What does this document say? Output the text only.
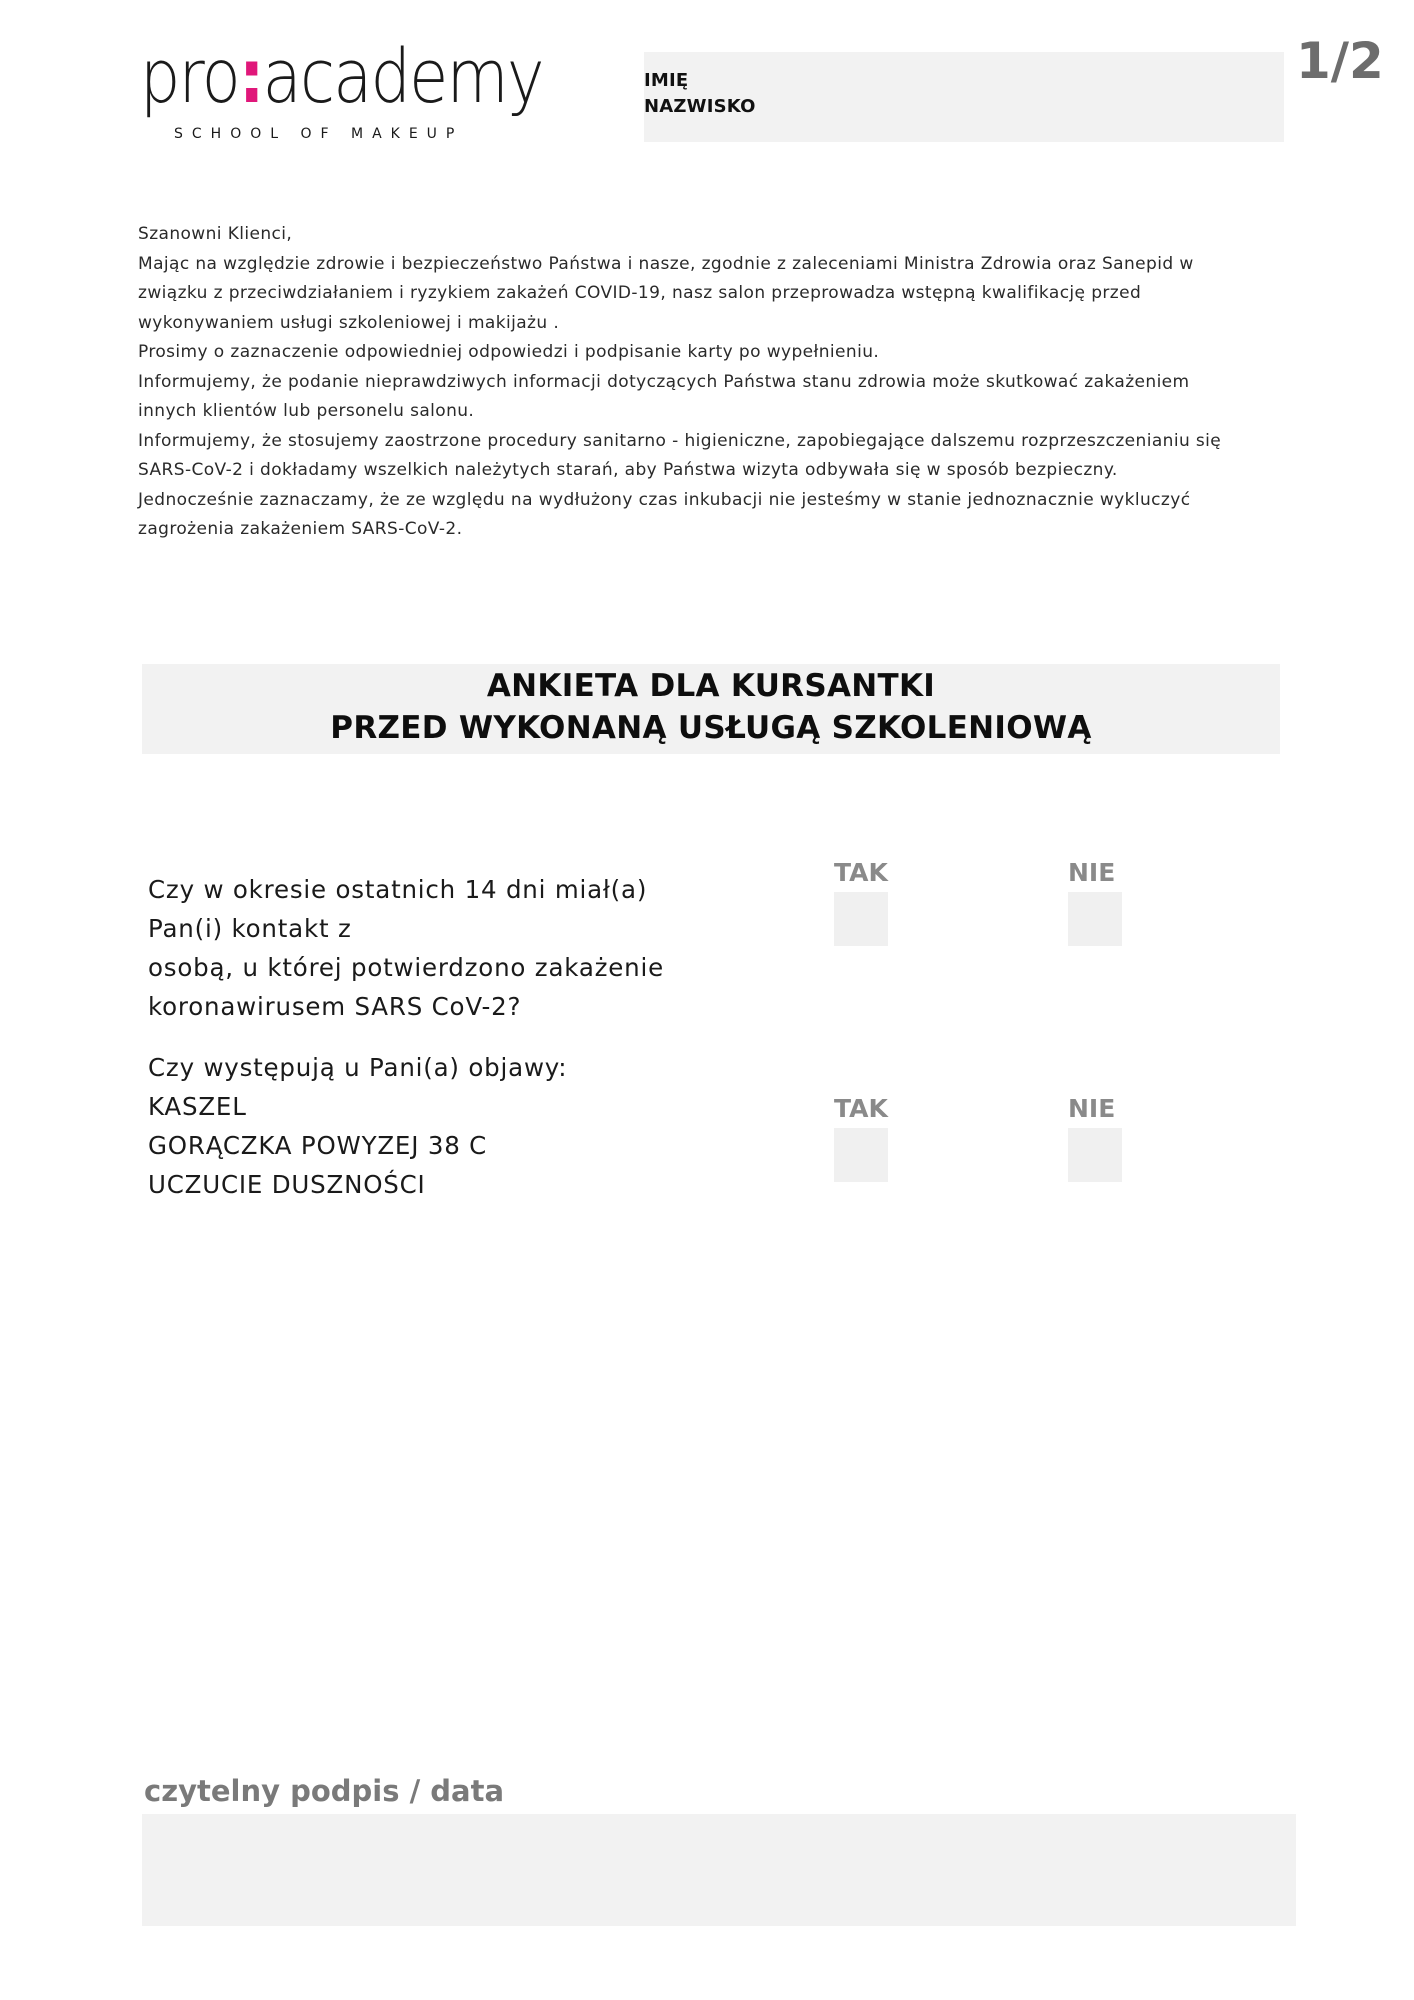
pro:academy
SCHOOL OF MAKEUP
IMIĘ
NAZWISKO
1/2

Szanowni Klienci,

Mając na względzie zdrowie i bezpieczeństwo Państwa i nasze, zgodnie z zaleceniami Ministra Zdrowia oraz Sanepid w

związku z przeciwdziałaniem i ryzykiem zakażeń COVID-19, nasz salon przeprowadza wstępną kwalifikację przed

wykonywaniem usługi szkoleniowej i makijażu .

Prosimy o zaznaczenie odpowiedniej odpowiedzi i podpisanie karty po wypełnieniu.

Informujemy, że podanie nieprawdziwych informacji dotyczących Państwa stanu zdrowia może skutkować zakażeniem

innych klientów lub personelu salonu.

Informujemy, że stosujemy zaostrzone procedury sanitarno - higieniczne, zapobiegające dalszemu rozprzeszczenianiu się

SARS-CoV-2 i dokładamy wszelkich należytych starań, aby Państwa wizyta odbywała się w sposób bezpieczny.

Jednocześnie zaznaczamy, że ze względu na wydłużony czas inkubacji nie jesteśmy w stanie jednoznacznie wykluczyć

zagrożenia zakażeniem SARS-CoV-2.

ANKIETA DLA KURSANTKI
PRZED WYKONANĄ USŁUGĄ SZKOLENIOWĄ
Czy w okresie ostatnich 14 dni miał(a)
Pan(i) kontakt z
osobą, u której potwierdzono zakażenie
koronawirusem SARS CoV-2?
TAK	NIE
Czy występują u Pani(a) objawy:
KASZEL
GORĄCZKA POWYZEJ 38 C
UCZUCIE DUSZNOŚCI
TAK	NIE
czytelny podpis / data
